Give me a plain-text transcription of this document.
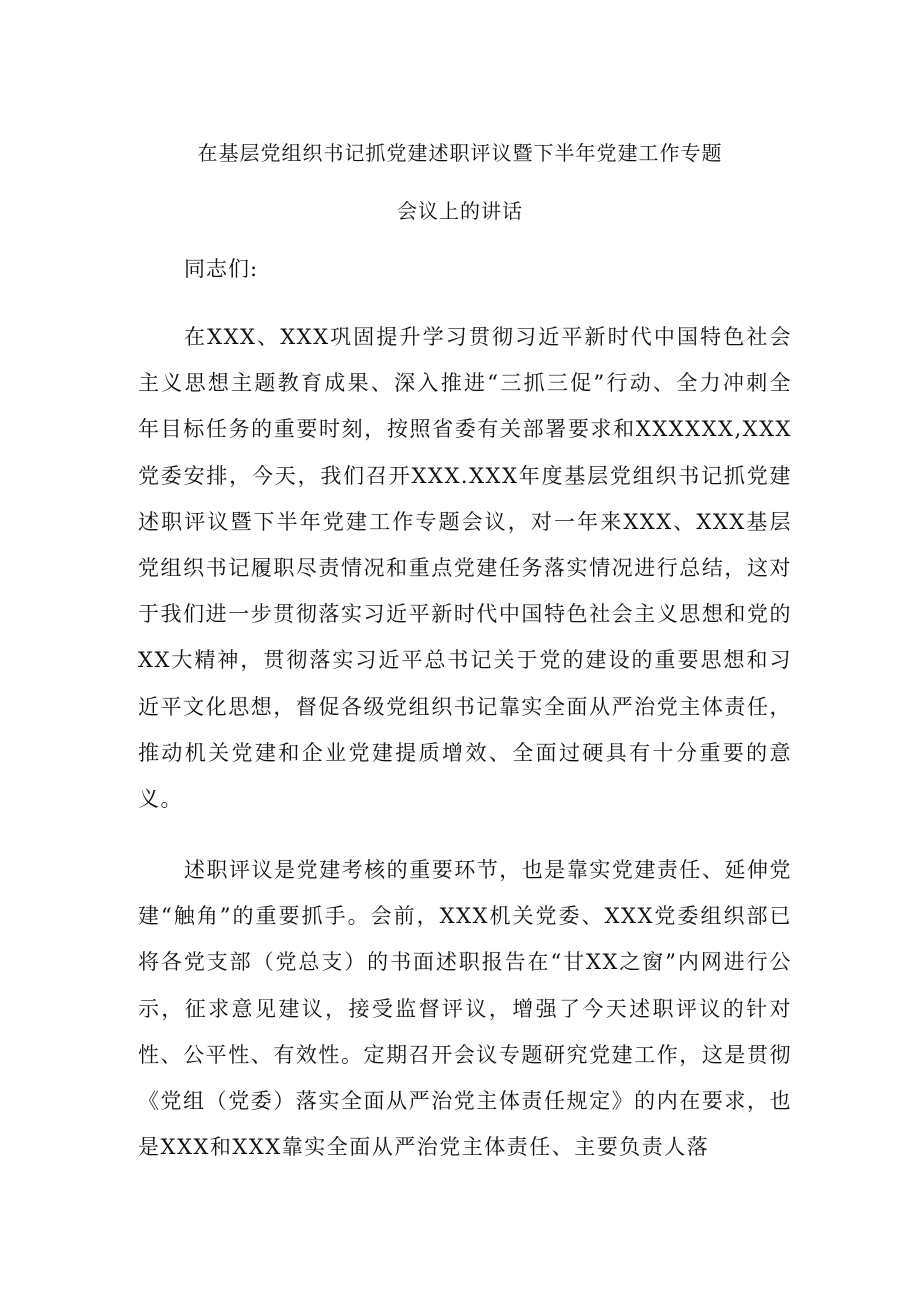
在基层党组织书记抓党建述职评议暨下半年党建工作专题
会议上的讲话
同志们:

在XXX、XXX巩固提升学习贯彻习近平新时代中国特色社会主义思想主题教育成果、深入推进“三抓三促”行动、全力冲刺全年目标任务的重要时刻，按照省委有关部署要求和XXXXXX,XXX党委安排，今天，我们召开XXX.XXX年度基层党组织书记抓党建述职评议暨下半年党建工作专题会议，对一年来XXX、XXX基层党组织书记履职尽责情况和重点党建任务落实情况进行总结，这对于我们进一步贯彻落实习近平新时代中国特色社会主义思想和党的XX大精神，贯彻落实习近平总书记关于党的建设的重要思想和习近平文化思想，督促各级党组织书记靠实全面从严治党主体责任，推动机关党建和企业党建提质增效、全面过硬具有十分重要的意义。

述职评议是党建考核的重要环节，也是靠实党建责任、延伸党建“触角”的重要抓手。会前，XXX机关党委、XXX党委组织部已将各党支部（党总支）的书面述职报告在“甘XX之窗”内网进行公示，征求意见建议，接受监督评议，增强了今天述职评议的针对性、公平性、有效性。定期召开会议专题研究党建工作，这是贯彻《党组（党委）落实全面从严治党主体责任规定》的内在要求，也是XXX和XXX靠实全面从严治党主体责任、主要负责人落
